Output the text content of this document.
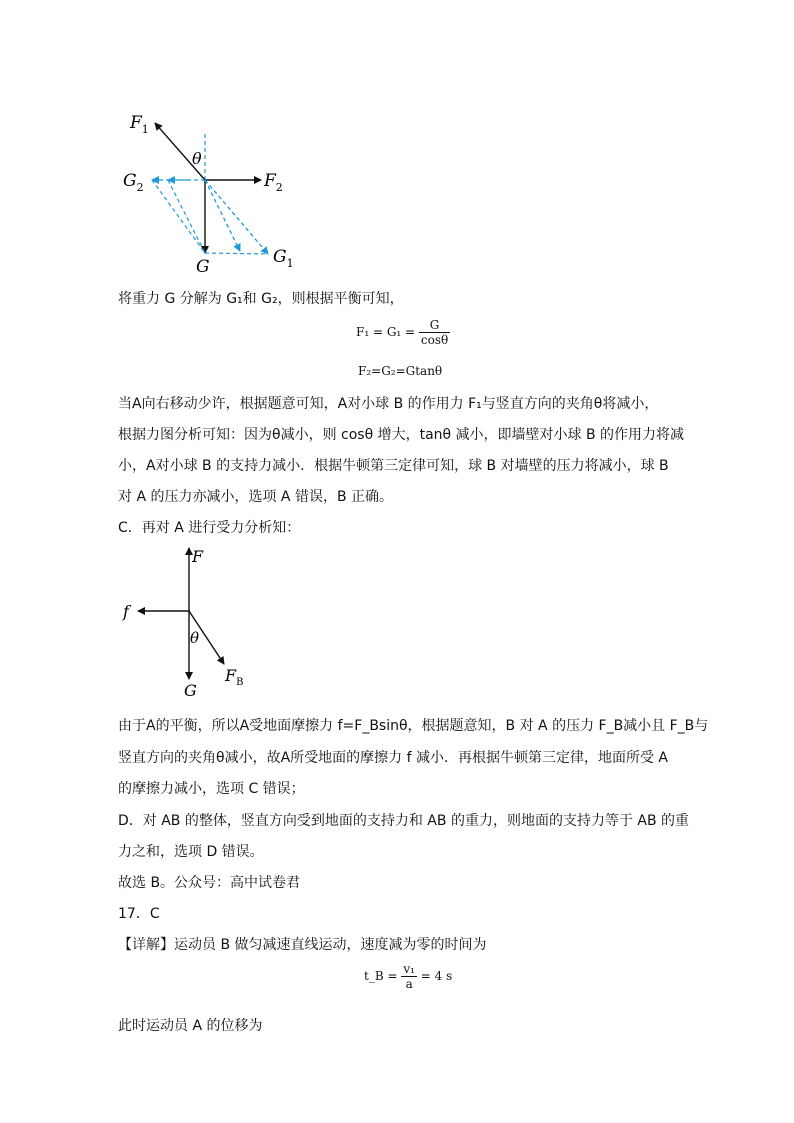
$F_1$
θ
$F_2$
$G_2$
G	$G_1$
将重力 G 分解为 G₁和 G₂，则根据平衡可知，
$F_1 = G_1 = \frac{G}{\cos\theta}$
F₂=G₂=Gtanθ
当A向右移动少许，根据题意可知，A对小球 B 的作用力 F₁与竖直方向的夹角θ将减小，
根据力图分析可知：因为θ减小，则 cosθ 增大，tanθ 减小，即墙壁对小球 B 的作用力将减
小，A对小球 B 的支持力减小．根据牛顿第三定律可知，球 B 对墙壁的压力将减小，球 B
对 A 的压力亦减小，选项 A 错误，B 正确。
C．再对 A 进行受力分析知：
F
f
θ
$F_B$
G
由于A的平衡，所以A受地面摩擦力 f=F_Bsinθ，根据题意知，B 对 A 的压力 F_B减小且 F_B与
竖直方向的夹角θ减小，故A所受地面的摩擦力 f 减小．再根据牛顿第三定律，地面所受 A
的摩擦力减小，选项 C 错误；
D．对 AB 的整体，竖直方向受到地面的支持力和 AB 的重力，则地面的支持力等于 AB 的重
力之和，选项 D 错误。
故选 B。公众号：高中试卷君
17．C
【详解】运动员 B 做匀减速直线运动，速度减为零的时间为
t_B = $\frac{\text{v₁}}{a} = 4$ s
此时运动员 A 的位移为
